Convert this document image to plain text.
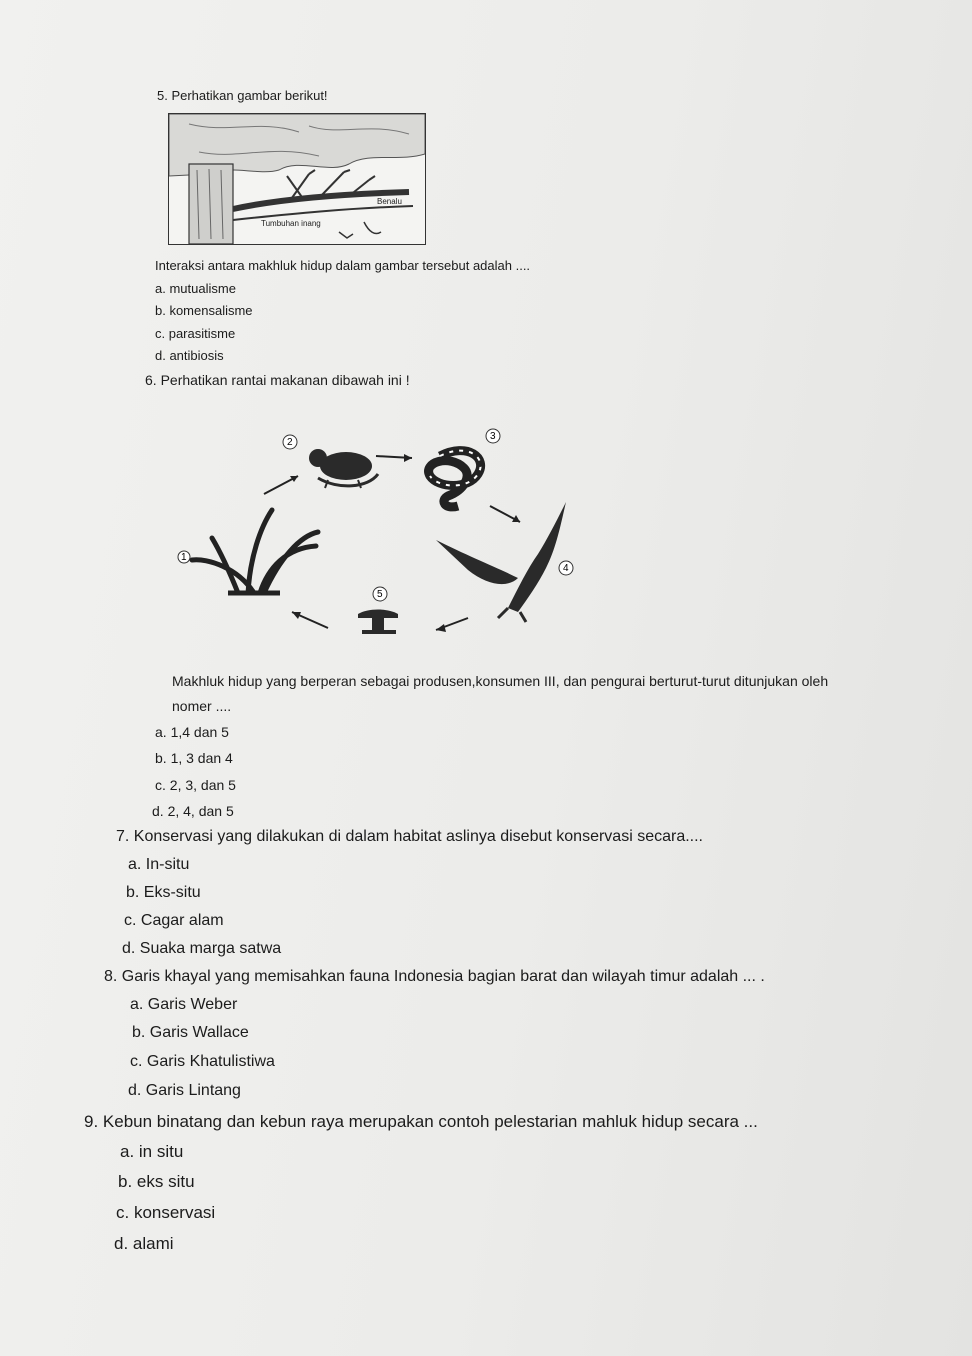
5. Perhatikan gambar berikut!
Benalu
Tumbuhan inang
Interaksi antara makhluk hidup dalam gambar tersebut adalah ....
a. mutualisme
b. komensalisme
c. parasitisme
d. antibiosis
6. Perhatikan rantai makanan dibawah ini !
1
2
3
4
5
Makhluk hidup yang berperan sebagai produsen,konsumen III, dan pengurai berturut-turut ditunjukan oleh
nomer ....
a. 1,4 dan 5
b. 1, 3 dan 4
c. 2, 3, dan 5
d. 2, 4, dan 5
7. Konservasi yang dilakukan di dalam habitat aslinya disebut konservasi secara....
a. In-situ
b. Eks-situ
c. Cagar alam
d. Suaka marga satwa
8. Garis khayal yang memisahkan fauna Indonesia bagian barat dan wilayah timur adalah ... .
a. Garis Weber
b. Garis Wallace
c. Garis Khatulistiwa
d. Garis Lintang
9. Kebun binatang dan kebun raya merupakan contoh pelestarian mahluk hidup secara ...
a. in situ
b. eks situ
c. konservasi
d. alami
